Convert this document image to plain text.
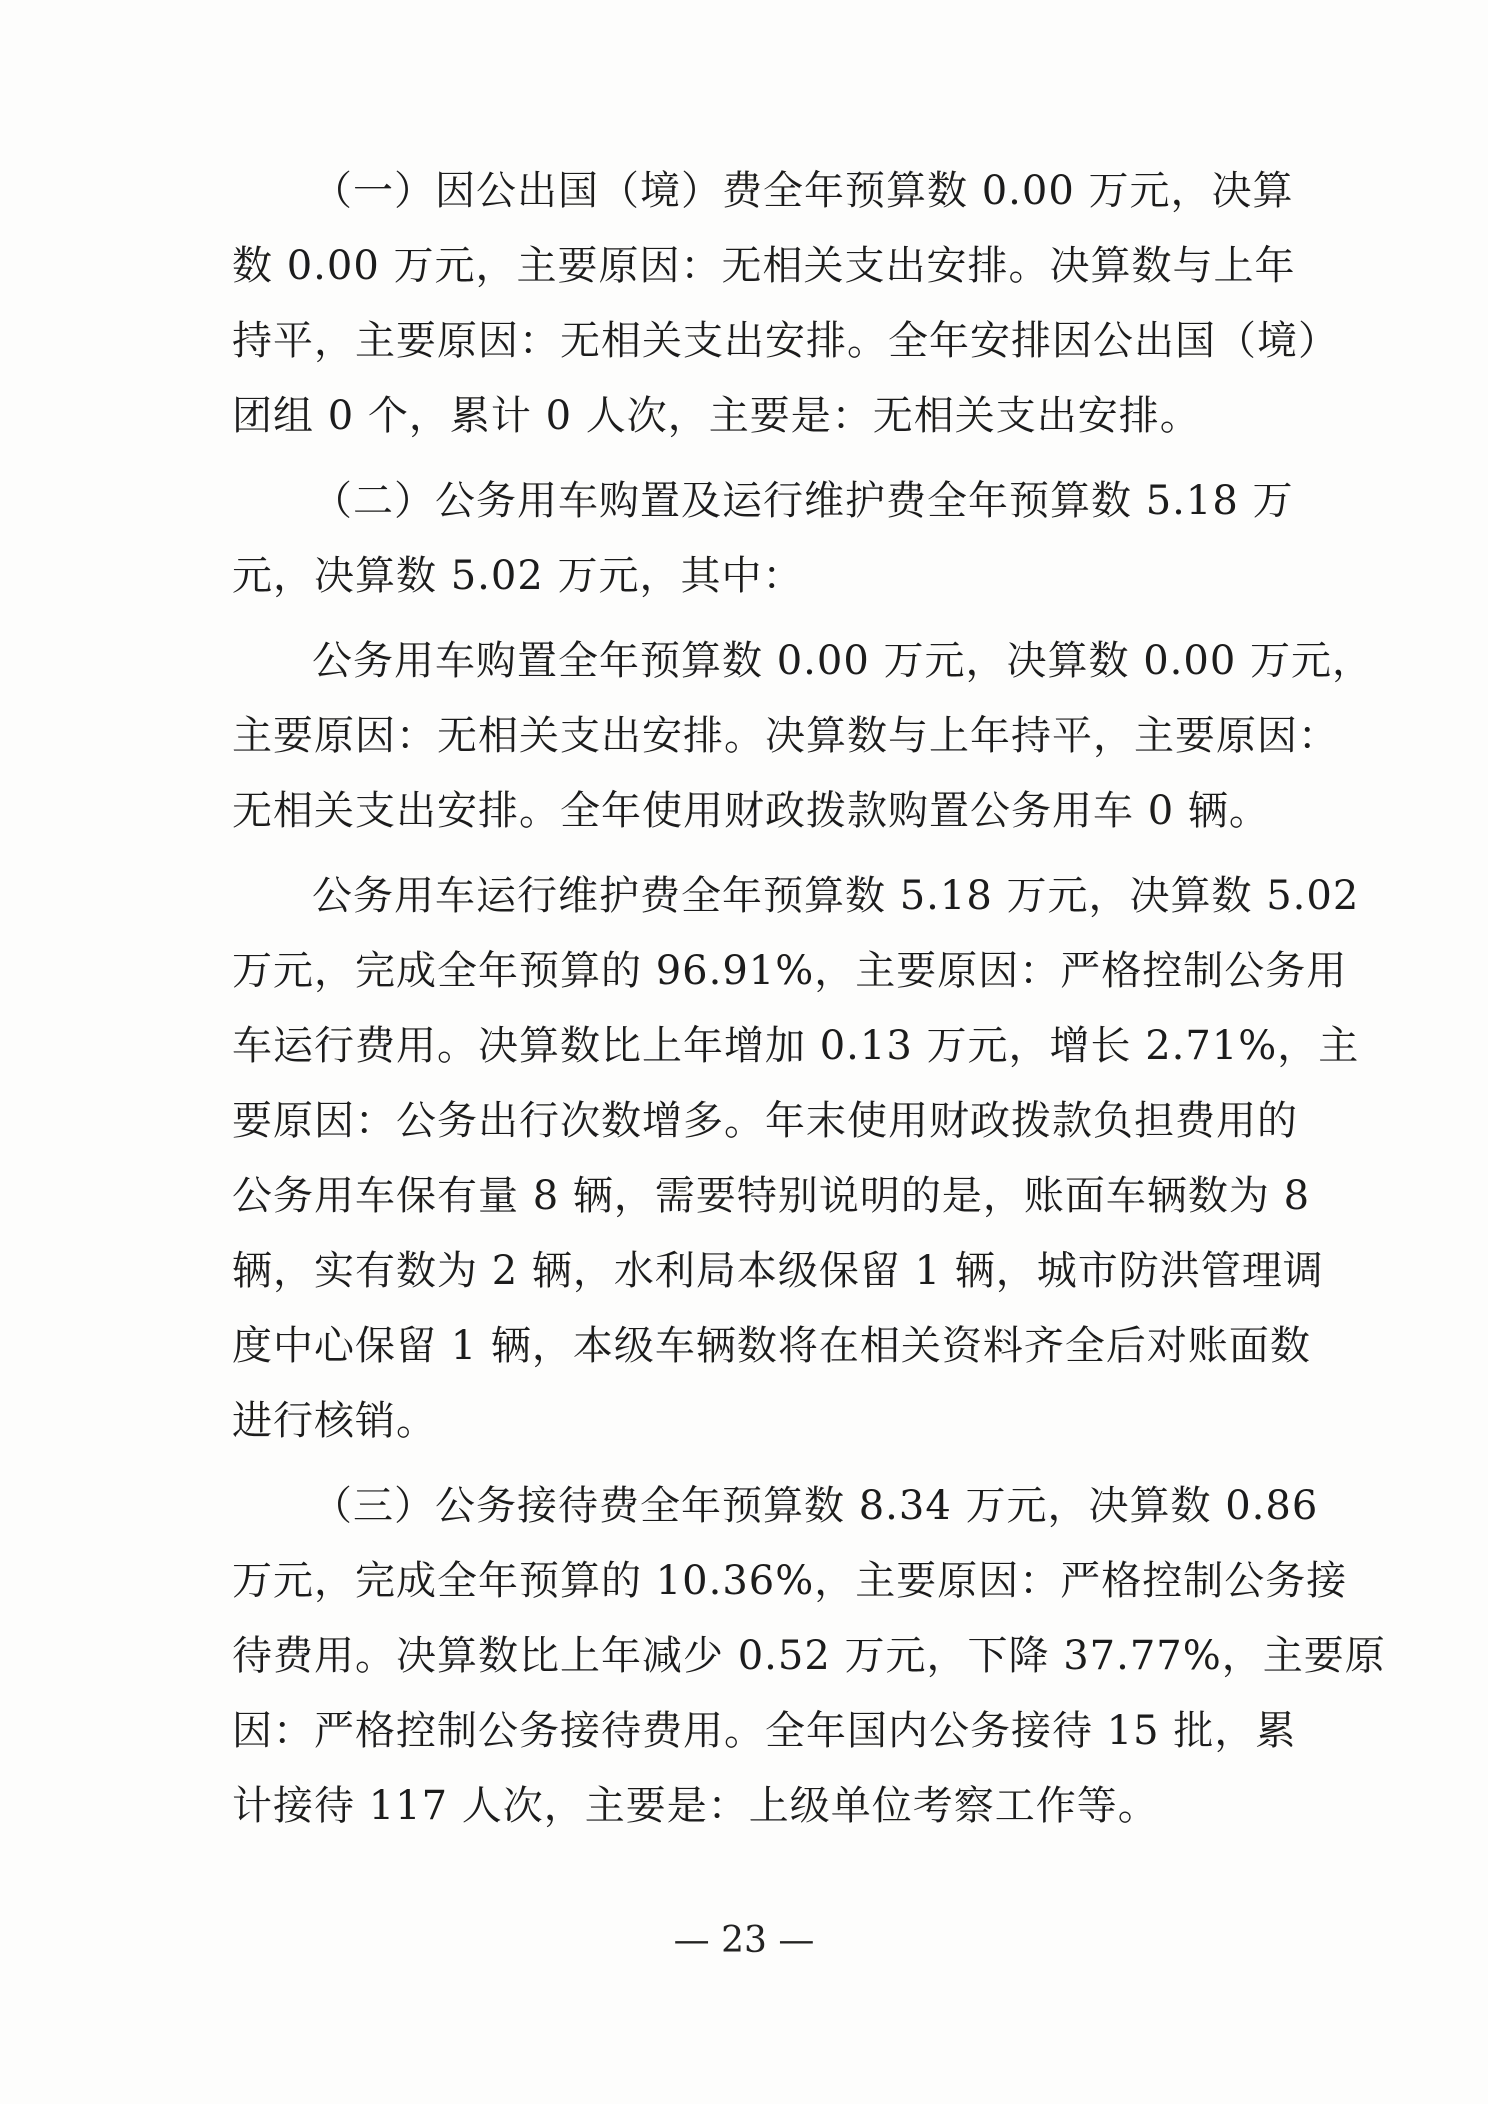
（一）因公出国（境）费全年预算数 0.00 万元，决算
数 0.00 万元，主要原因：无相关支出安排。决算数与上年
持平，主要原因：无相关支出安排。全年安排因公出国（境）
团组 0 个，累计 0 人次，主要是：无相关支出安排。
（二）公务用车购置及运行维护费全年预算数 5.18 万
元，决算数 5.02 万元，其中：
公务用车购置全年预算数 0.00 万元，决算数 0.00 万元，
主要原因：无相关支出安排。决算数与上年持平，主要原因：
无相关支出安排。全年使用财政拨款购置公务用车 0 辆。
公务用车运行维护费全年预算数 5.18 万元，决算数 5.02
万元，完成全年预算的 96.91%，主要原因：严格控制公务用
车运行费用。决算数比上年增加 0.13 万元，增长 2.71%，主
要原因：公务出行次数增多。年末使用财政拨款负担费用的
公务用车保有量 8 辆，需要特别说明的是，账面车辆数为 8
辆，实有数为 2 辆，水利局本级保留 1 辆，城市防洪管理调
度中心保留 1 辆，本级车辆数将在相关资料齐全后对账面数
进行核销。
（三）公务接待费全年预算数 8.34 万元，决算数 0.86
万元，完成全年预算的 10.36%，主要原因：严格控制公务接
待费用。决算数比上年减少 0.52 万元，下降 37.77%，主要原
因：严格控制公务接待费用。全年国内公务接待 15 批，累
计接待 117 人次，主要是：上级单位考察工作等。
— 23 —
